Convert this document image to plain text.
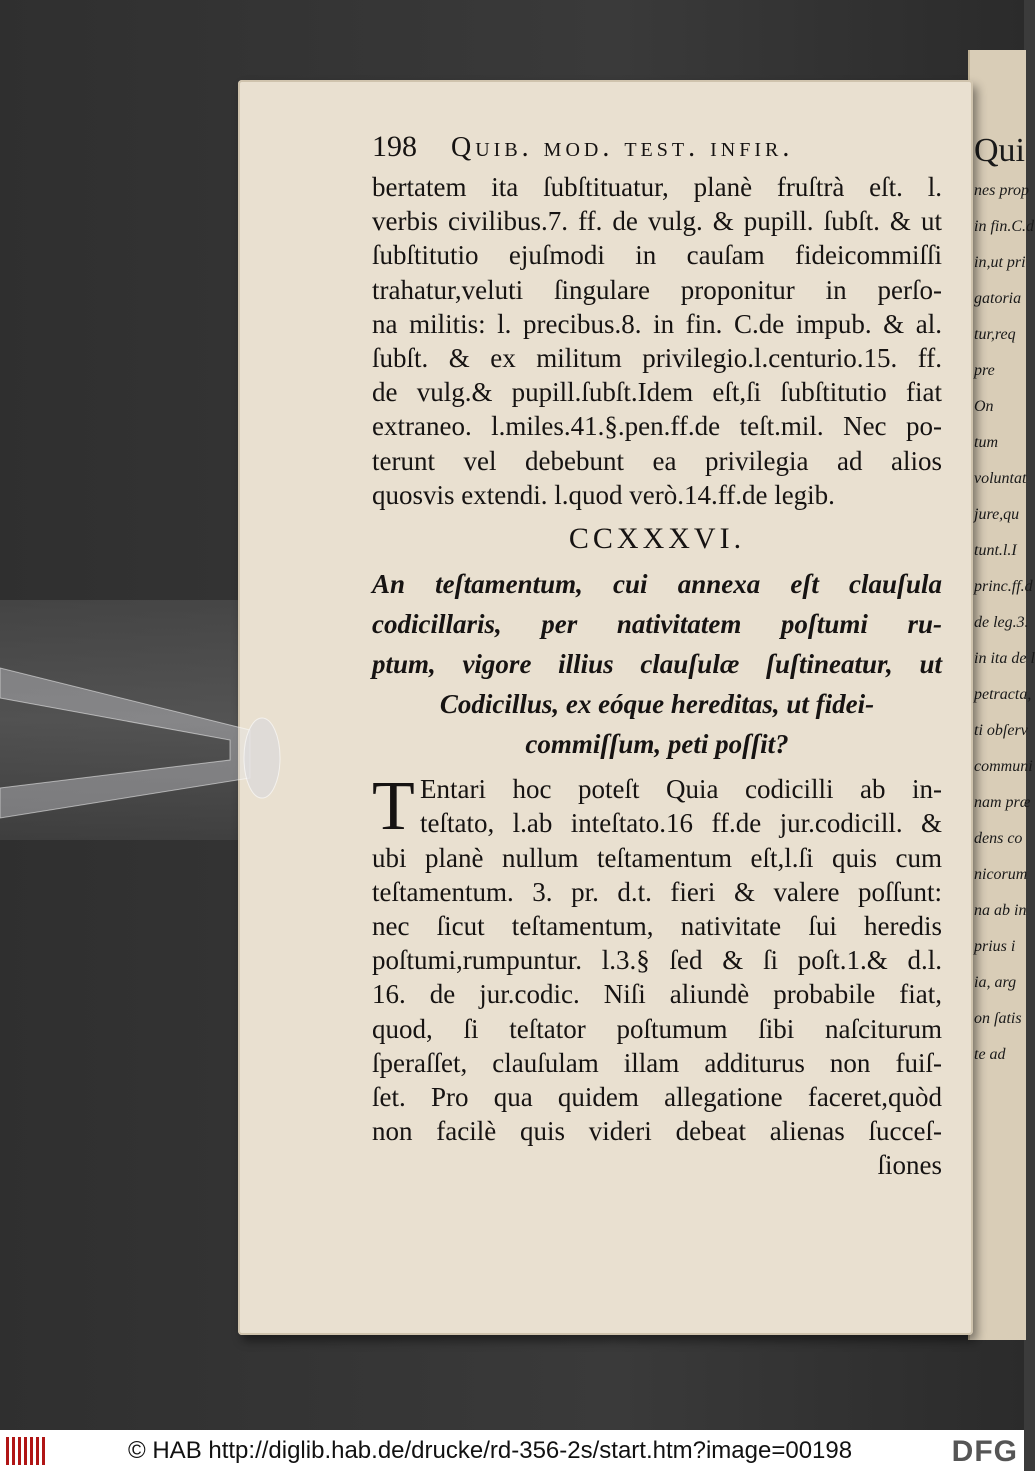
Qui
nes prop
in fin.C.d
in,ut pri
gatoria
tur,req
pre
On
tum
voluntat
jure,qu
tunt.l.I
princ.ff.d
de leg.3.
in ita de l
petracta,
ti obſerv
communi
nam præ
dens co
nicorum
na ab in
prius i
ia, arg
on ſatis
te ad
198 Quib. mod. test. infir.
bertatem ita ſubſtituatur, planè fruſtrà eſt. l.
verbis civilibus.7. ff. de vulg. & pupill. ſubſt. & ut
ſubſtitutio ejuſmodi in cauſam fideicommiſſi
trahatur,veluti ſingulare proponitur in perſo-
na militis: l. precibus.8. in fin. C.de impub. & al.
ſubſt. & ex militum privilegio.l.centurio.15. ff.
de vulg.& pupill.ſubſt.Idem eſt,ſi ſubſtitutio fiat
extraneo. l.miles.41.§.pen.ff.de teſt.mil. Nec po-
terunt vel debebunt ea privilegia ad alios
quosvis extendi. l.quod verò.14.ff.de legib.
CCXXXVI.
An teſtamentum, cui annexa eſt clauſula
codicillaris, per nativitatem poſtumi ru-
ptum, vigore illius clauſulæ ſuſtineatur, ut
Codicillus, ex eóque hereditas, ut fidei-
commiſſum, peti poſſit?
T Entari hoc poteſt Quia codicilli ab in-
teſtato, l.ab inteſtato.16 ff.de jur.codicill. &
ubi planè nullum teſtamentum eſt,l.ſi quis cum
teſtamentum. 3. pr. d.t. fieri & valere poſſunt:
nec ſicut teſtamentum, nativitate ſui heredis
poſtumi,rumpuntur. l.3.§ ſed & ſi poſt.1.& d.l.
16. de jur.codic. Niſi aliundè probabile fiat,
quod, ſi teſtator poſtumum ſibi naſciturum
ſperaſſet, clauſulam illam additurus non fuiſ-
ſet. Pro qua quidem allegatione faceret,quòd
non facilè quis videri debeat alienas ſucceſ-
ſiones
© HAB http://diglib.hab.de/drucke/rd-356-2s/start.htm?image=00198	DFG
